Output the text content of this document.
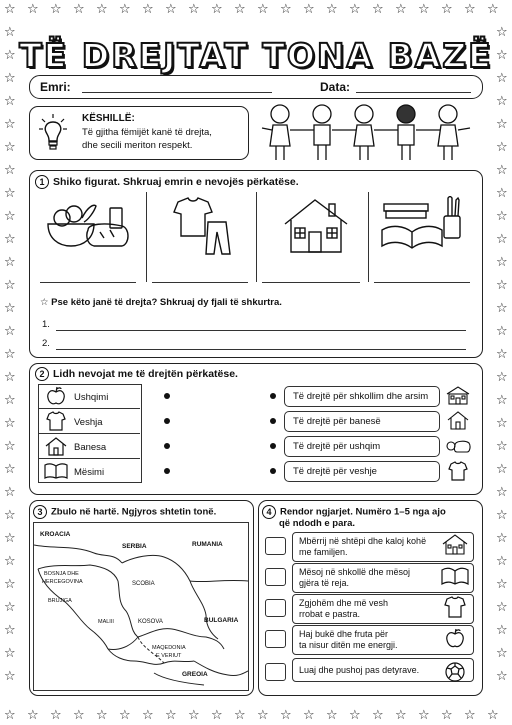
☆
☆
☆
☆
☆
☆
☆
☆
☆
☆
☆
☆
☆
☆
☆
☆
☆
☆
☆
☆
☆
☆
☆
☆
☆
☆
☆
☆
☆
☆
☆
☆
☆
☆
☆
☆
☆
☆
☆
☆
☆
☆
☆
☆
☆	☆
☆	☆
☆	☆
☆	☆
☆	☆
☆	☆
☆	☆
☆	☆
☆	☆
☆	☆
☆	☆
☆	☆
☆	☆
☆	☆
☆	☆
☆	☆
☆	☆
☆	☆
☆	☆
☆	☆
☆	☆
☆	☆
☆	☆
☆	☆
☆	☆
☆	☆
☆	☆
☆	☆
☆	☆
TË DREJTAT TONA BAZË
Emri:	Data:
KËSHILLË:
Të gjitha fëmijët kanë të drejta,
dhe secili meriton respekt.
1 Shiko figurat. Shkruaj emrin e nevojës përkatëse.
☆ Pse këto janë të drejta? Shkruaj dy fjali të shkurtra.
1.
2.
2 Lidh nevojat me të drejtën përkatëse.
Ushqimi
Veshja
Banesa
Mësimi
Të drejtë për shkollim dhe arsim
Të drejtë për banesë
Të drejtë për ushqim
Të drejtë për veshje
3 Zbulo në hartë. Ngjyros shtetin tonë.
KROACIA
SERBIA	RUMANIA
BOSNJA DHE
HERCEGOVINA	SCOBIA
BRUJIGA
MALIII	KOSOVA	BULGARIA
MAQEDONIA
E VERIUT
GREOIA
4 Rendor ngjarjet. Numëro 1–5 nga ajo
që ndodh e para.
Mbërrij në shtëpi dhe kaloj kohë
me familjen.
Mësoj në shkollë dhe mësoj
gjëra të reja.
Zgjohëm dhe më vesh
rrobat e pastra.
Haj bukë dhe fruta për
ta nisur ditën me energji.
Luaj dhe pushoj pas detyrave.
